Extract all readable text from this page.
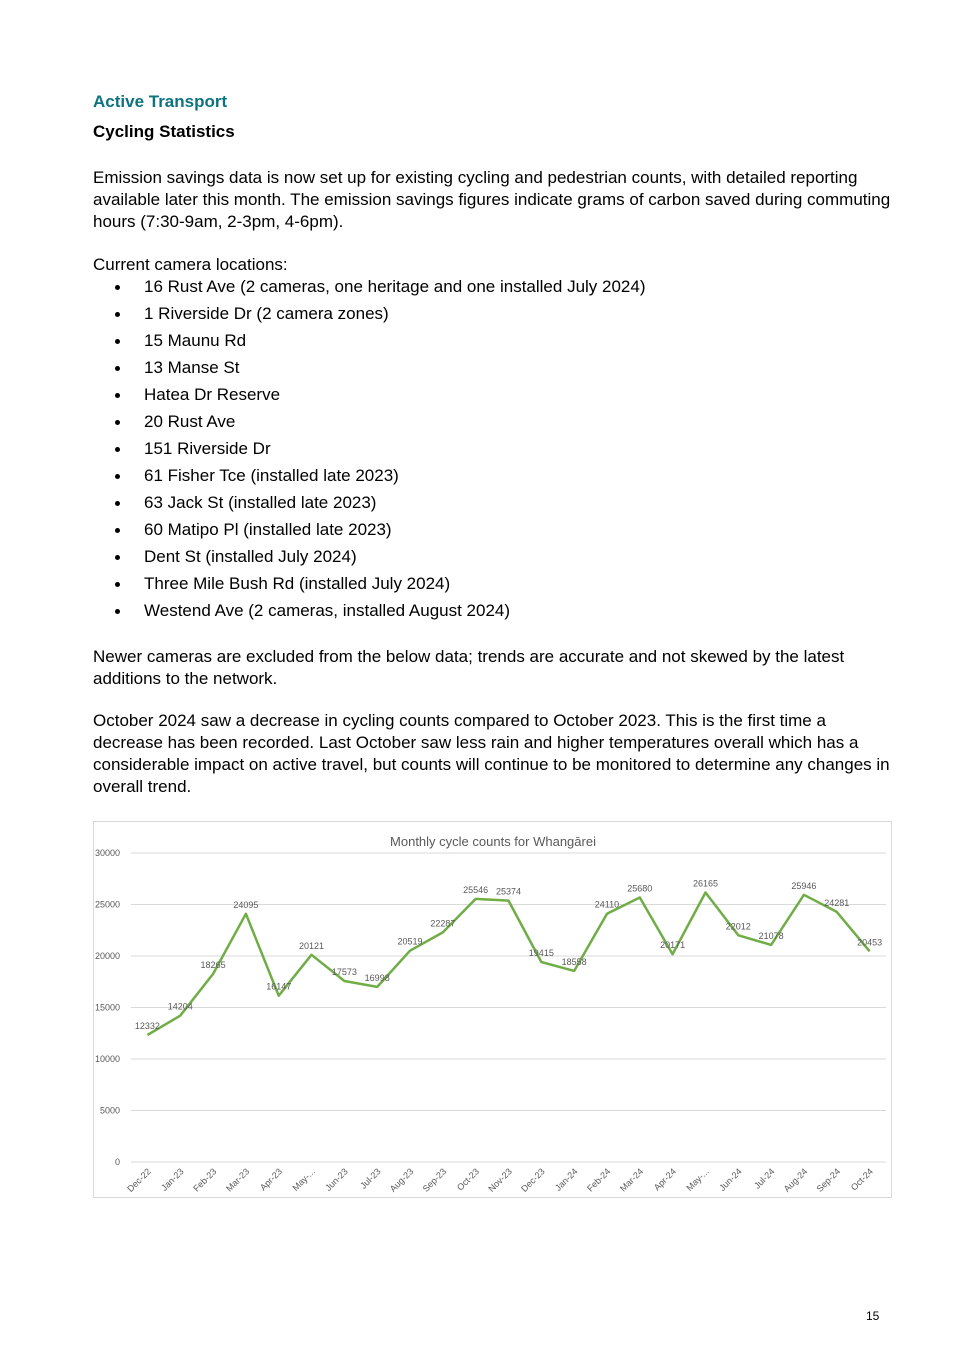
Active Transport
Cycling Statistics

Emission savings data is now set up for existing cycling and pedestrian counts, with detailed reporting available later this month. The emission savings figures indicate grams of carbon saved during commuting hours (7:30-9am, 2-3pm, 4-6pm).

Current camera locations:

16 Rust Ave (2 cameras, one heritage and one installed July 2024)
1 Riverside Dr (2 camera zones)
15 Maunu Rd
13 Manse St
Hatea Dr Reserve
20 Rust Ave
151 Riverside Dr
61 Fisher Tce (installed late 2023)
63 Jack St (installed late 2023)
60 Matipo Pl (installed late 2023)
Dent St (installed July 2024)
Three Mile Bush Rd (installed July 2024)
Westend Ave (2 cameras, installed August 2024)

Newer cameras are excluded from the below data; trends are accurate and not skewed by the latest additions to the network.

October 2024 saw a decrease in cycling counts compared to October 2023. This is the first time a decrease has been recorded. Last October saw less rain and higher temperatures overall which has a considerable impact on active travel, but counts will continue to be monitored to determine any changes in overall trend.

Monthly cycle counts for Whangārei
0
5000
10000
15000
20000
25000
30000
Dec-22 Jan-23 Feb-23 Mar-23 Apr-23 May-... Jun-23 Jul-23 Aug-23 Sep-23 Oct-23 Nov-23 Dec-23 Jan-24 Feb-24 Mar-24 Apr-24 May-... Jun-24 Jul-24 Aug-24 Sep-24 Oct-24
12332
14204
18265
24095
16147
20121
17573
16998
20519
22287
25546 25374
19415
18558
24110
25680
20171
26165
22012
21078
25946
24281
20453
15
